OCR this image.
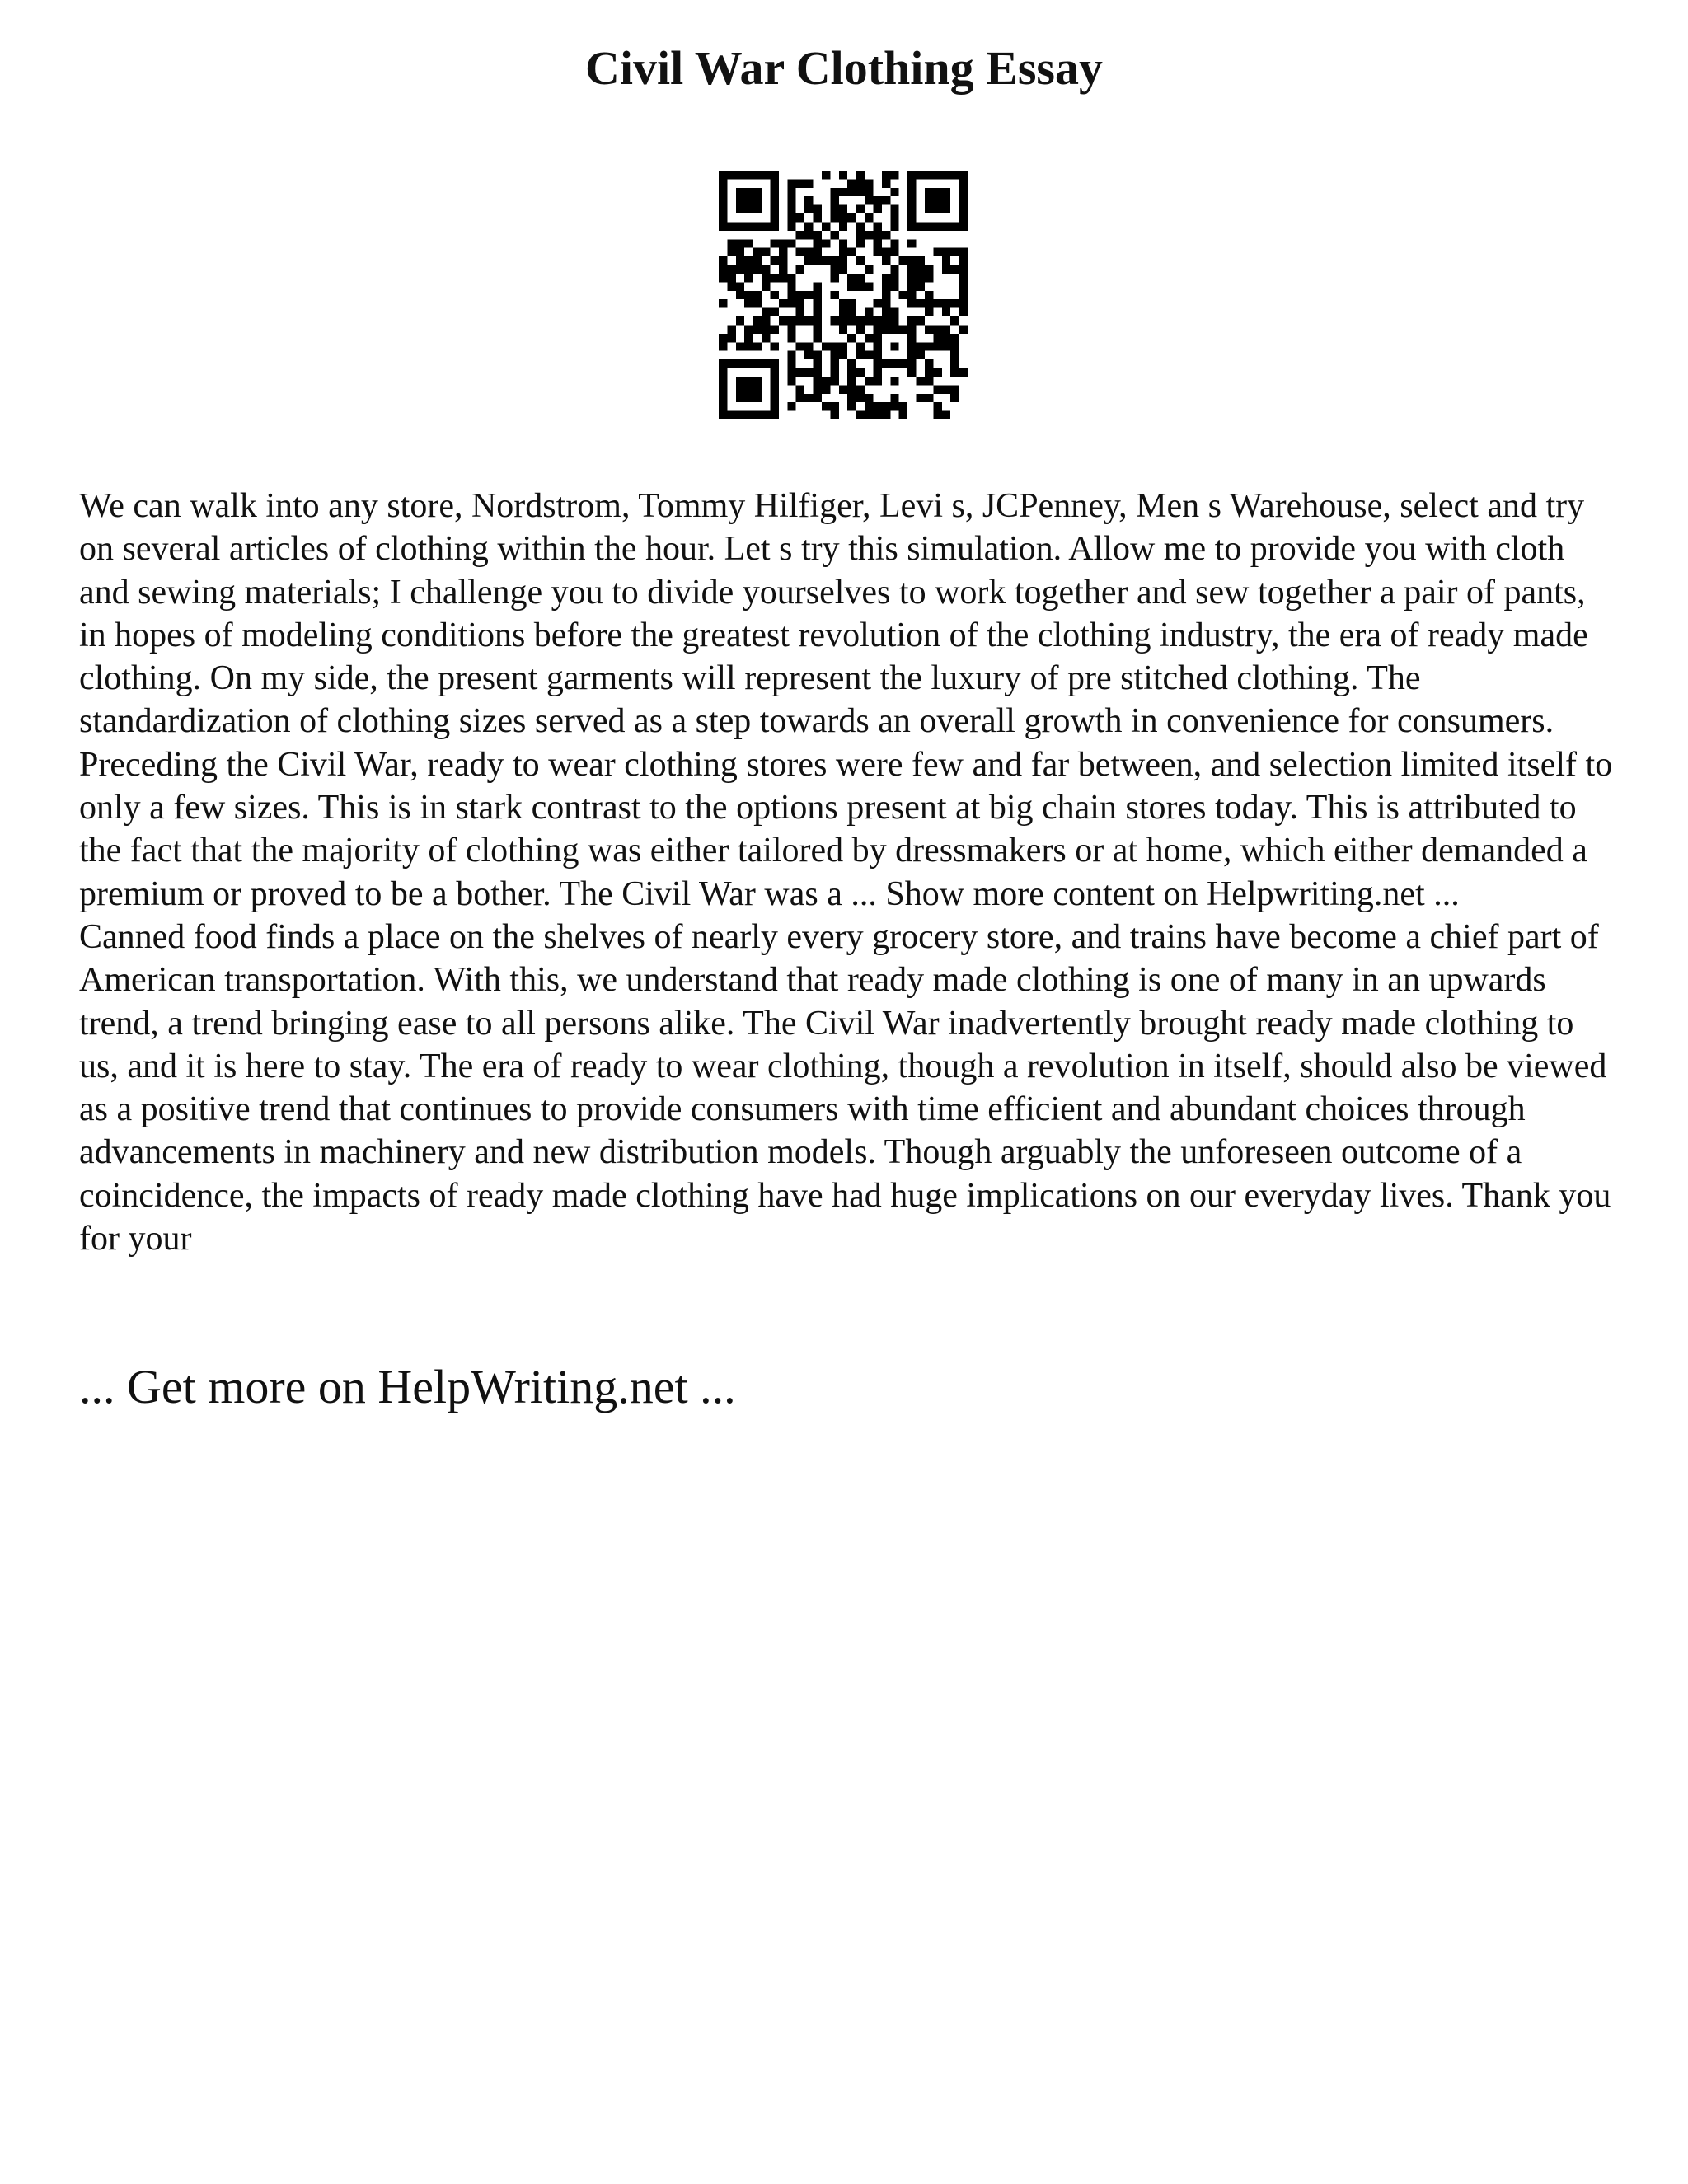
Civil War Clothing Essay

We can walk into any store, Nordstrom, Tommy Hilfiger, Levi s, JCPenney, Men s Warehouse, select and try on several articles of clothing within the hour. Let s try this simulation. Allow me to provide you with cloth and sewing materials; I challenge you to divide yourselves to work together and sew together a pair of pants, in hopes of modeling conditions before the greatest revolution of the clothing industry, the era of ready made clothing. On my side, the present garments will represent the luxury of pre stitched clothing. The standardization of clothing sizes served as a step towards an overall growth in convenience for consumers. Preceding the Civil War, ready to wear clothing stores were few and far between, and selection limited itself to only a few sizes. This is in stark contrast to the options present at big chain stores today. This is attributed to the fact that the majority of clothing was either tailored by dressmakers or at home, which either demanded a premium or proved to be a bother. The Civil War was a ... Show more content on Helpwriting.net ...

Canned food finds a place on the shelves of nearly every grocery store, and trains have become a chief part of American transportation. With this, we understand that ready made clothing is one of many in an upwards trend, a trend bringing ease to all persons alike. The Civil War inadvertently brought ready made clothing to us, and it is here to stay. The era of ready to wear clothing, though a revolution in itself, should also be viewed as a positive trend that continues to provide consumers with time efficient and abundant choices through advancements in machinery and new distribution models. Though arguably the unforeseen outcome of a coincidence, the impacts of ready made clothing have had huge implications on our everyday lives. Thank you for your

... Get more on HelpWriting.net ...
